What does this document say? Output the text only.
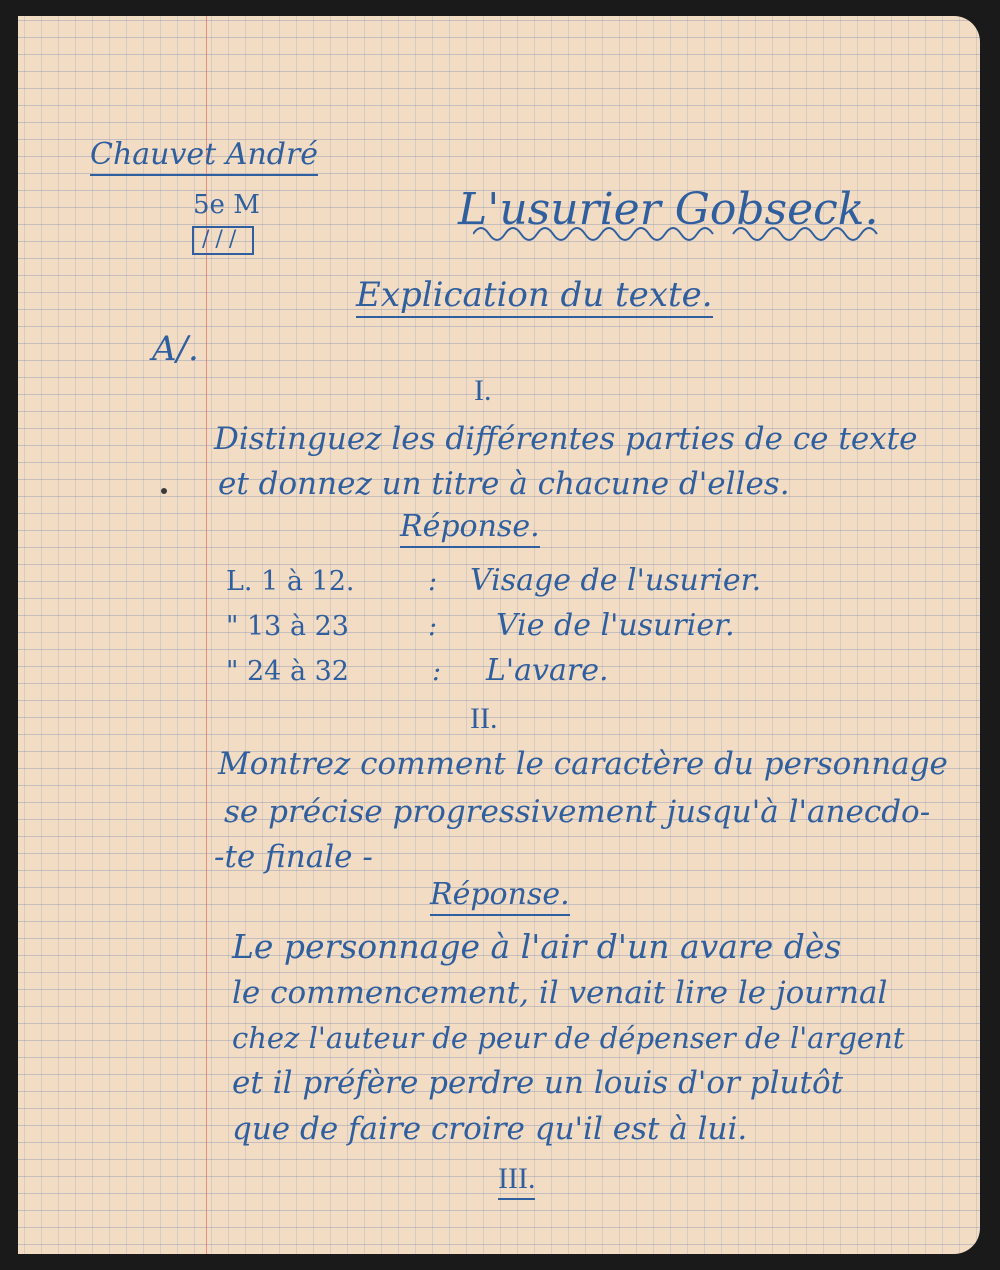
Chauvet André
5e M
///
L'usurier Gobseck.
Explication du texte.
A/.
I.
Distinguez les différentes parties de ce texte
et donnez un titre à chacune d'elles.
Réponse.
L. 1 à 12.	: Visage de l'usurier.
" 13 à 23	: Vie de l'usurier.
" 24 à 32	: L'avare.
II.
Montrez comment le caractère du personnage
se précise progressivement jusqu'à l'anecdo-
-te finale -
Réponse.
Le personnage à l'air d'un avare dès
le commencement, il venait lire le journal
chez l'auteur de peur de dépenser de l'argent
et il préfère perdre un louis d'or plutôt
que de faire croire qu'il est à lui.
III.
